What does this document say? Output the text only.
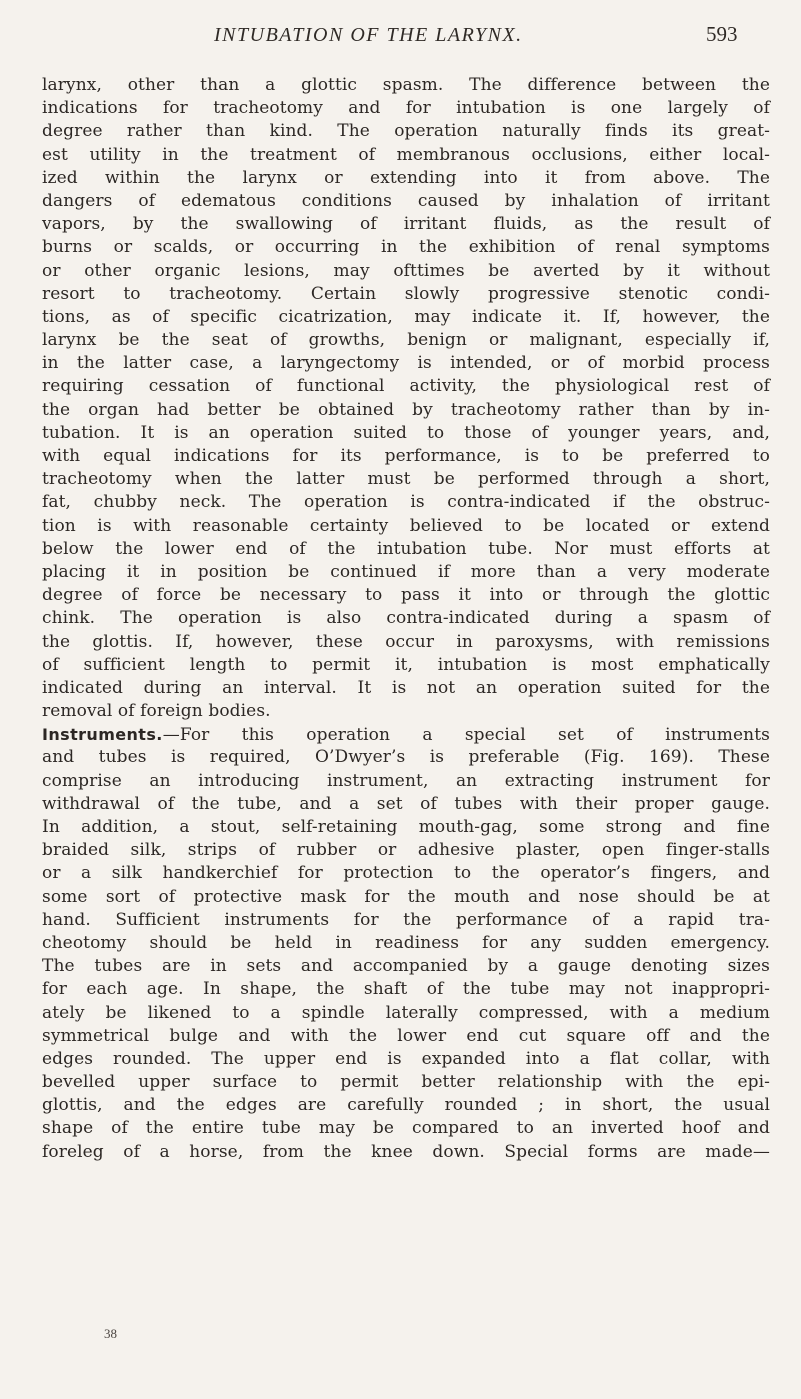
INTUBATION OF THE LARYNX.	593
larynx, other than a glottic spasm. The difference between the
indications for tracheotomy and for intubation is one largely of
degree rather than kind. The operation naturally finds its great-
est utility in the treatment of membranous occlusions, either local-
ized within the larynx or extending into it from above. The
dangers of edematous conditions caused by inhalation of irritant
vapors, by the swallowing of irritant fluids, as the result of
burns or scalds, or occurring in the exhibition of renal symptoms
or other organic lesions, may ofttimes be averted by it without
resort to tracheotomy. Certain slowly progressive stenotic condi-
tions, as of specific cicatrization, may indicate it. If, however, the
larynx be the seat of growths, benign or malignant, especially if,
in the latter case, a laryngectomy is intended, or of morbid process
requiring cessation of functional activity, the physiological rest of
the organ had better be obtained by tracheotomy rather than by in-
tubation. It is an operation suited to those of younger years, and,
with equal indications for its performance, is to be preferred to
tracheotomy when the latter must be performed through a short,
fat, chubby neck. The operation is contra-indicated if the obstruc-
tion is with reasonable certainty believed to be located or extend
below the lower end of the intubation tube. Nor must efforts at
placing it in position be continued if more than a very moderate
degree of force be necessary to pass it into or through the glottic
chink. The operation is also contra-indicated during a spasm of
the glottis. If, however, these occur in paroxysms, with remissions
of sufficient length to permit it, intubation is most emphatically
indicated during an interval. It is not an operation suited for the
removal of foreign bodies.
Instruments.—For this operation a special set of instruments
and tubes is required, O’Dwyer’s is preferable (Fig. 169). These
comprise an introducing instrument, an extracting instrument for
withdrawal of the tube, and a set of tubes with their proper gauge.
In addition, a stout, self-retaining mouth-gag, some strong and fine
braided silk, strips of rubber or adhesive plaster, open finger-stalls
or a silk handkerchief for protection to the operator’s fingers, and
some sort of protective mask for the mouth and nose should be at
hand. Sufficient instruments for the performance of a rapid tra-
cheotomy should be held in readiness for any sudden emergency.
The tubes are in sets and accompanied by a gauge denoting sizes
for each age. In shape, the shaft of the tube may not inappropri-
ately be likened to a spindle laterally compressed, with a medium
symmetrical bulge and with the lower end cut square off and the
edges rounded. The upper end is expanded into a flat collar, with
bevelled upper surface to permit better relationship with the epi-
glottis, and the edges are carefully rounded ; in short, the usual
shape of the entire tube may be compared to an inverted hoof and
foreleg of a horse, from the knee down. Special forms are made—
38
